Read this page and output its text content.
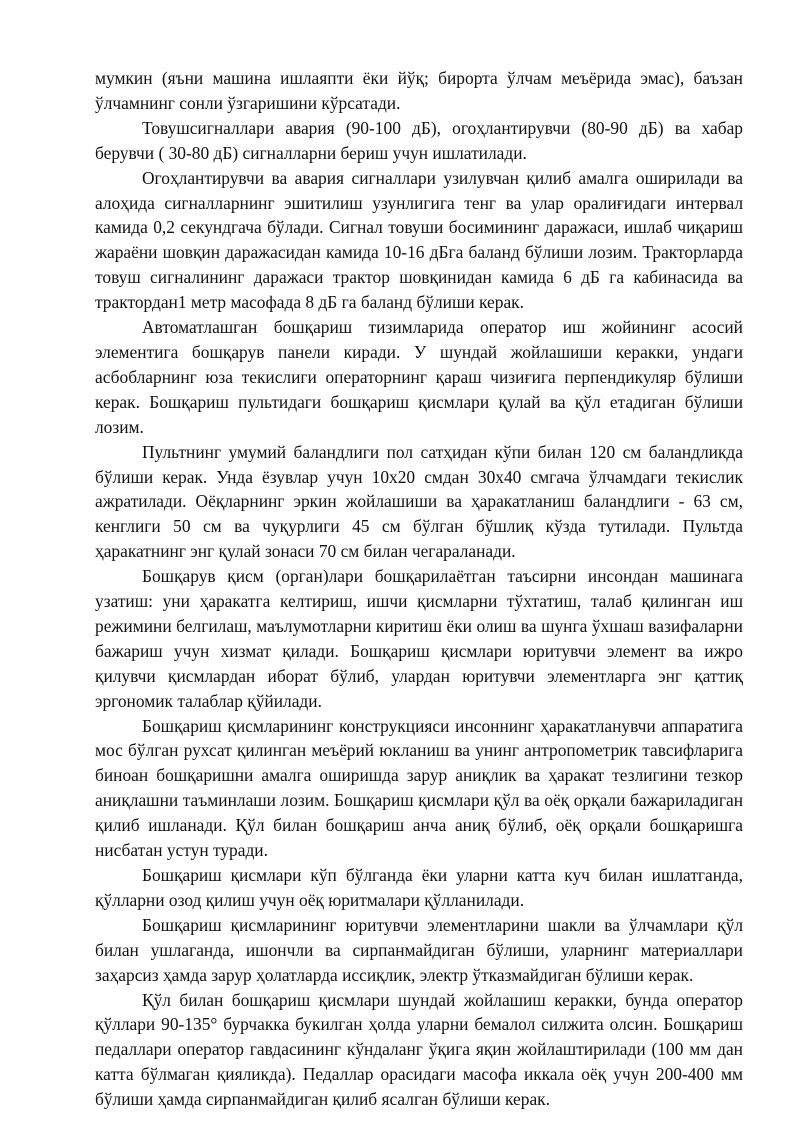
мумкин (яъни машина ишлаяпти ёки йўқ; бирорта ўлчам меъёрида эмас), баъзан ўлчамнинг сонли ўзгаришини кўрсатади.

Товушсигналлари авария (90-100 дБ), огоҳлантирувчи (80-90 дБ) ва хабар берувчи ( 30-80 дБ) сигналларни бериш учун ишлатилади.

Огоҳлантирувчи ва авария сигналлари узилувчан қилиб амалга оширилади ва алоҳида сигналларнинг эшитилиш узунлигига тенг ва улар оралиғидаги интервал камида 0,2 секундгача бўлади. Сигнал товуши босимининг даражаси, ишлаб чиқариш жараёни шовқин даражасидан камида 10-16 дБга баланд бўлиши лозим. Тракторларда товуш сигналининг даражаси трактор шовқинидан камида 6 дБ га кабинасида ва трактордан1 метр масофада 8 дБ га баланд бўлиши керак.

Автоматлашган бошқариш тизимларида оператор иш жойининг асосий элементига бошқарув панели киради. У шундай жойлашиши керакки, ундаги асбобларнинг юза текислиги операторнинг қараш чизиғига перпендикуляр бўлиши керак. Бошқариш пультидаги бошқариш қисмлари қулай ва қўл етадиган бўлиши лозим.

Пультнинг умумий баландлиги пол сатҳидан кўпи билан 120 см баландликда бўлиши керак. Унда ёзувлар учун 10х20 смдан 30х40 смгача ўлчамдаги текислик ажратилади. Оёқларнинг эркин жойлашиши ва ҳаракатланиш баландлиги - 63 см, кенглиги 50 см ва чуқурлиги 45 см бўлган бўшлиқ кўзда тутилади. Пультда ҳаракатнинг энг қулай зонаси 70 см билан чегараланади.

Бошқарув қисм (орган)лари бошқарилаётган таъсирни инсондан машинага узатиш: уни ҳаракатга келтириш, ишчи қисмларни тўхтатиш, талаб қилинган иш режимини белгилаш, маълумотларни киритиш ёки олиш ва шунга ўхшаш вазифаларни бажариш учун хизмат қилади. Бошқариш қисмлари юритувчи элемент ва ижро қилувчи қисмлардан иборат бўлиб, улардан юритувчи элементларга энг қаттиқ эргономик талаблар қўйилади.

Бошқариш қисмларининг конструкцияси инсоннинг ҳаракатланувчи аппаратига мос бўлган рухсат қилинган меъёрий юкланиш ва унинг антропометрик тавсифларига биноан бошқаришни амалга оширишда зарур аниқлик ва ҳаракат тезлигини тезкор аниқлашни таъминлаши лозим. Бошқариш қисмлари қўл ва оёқ орқали бажариладиган қилиб ишланади. Қўл билан бошқариш анча аниқ бўлиб, оёқ орқали бошқаришга нисбатан устун туради.

Бошқариш қисмлари кўп бўлганда ёки уларни катта куч билан ишлатганда, қўлларни озод қилиш учун оёқ юритмалари қўлланилади.

Бошқариш қисмларининг юритувчи элементларини шакли ва ўлчамлари қўл билан ушлаганда, ишончли ва сирпанмайдиган бўлиши, уларнинг материаллари заҳарсиз ҳамда зарур ҳолатларда иссиқлик, электр ўтказмайдиган бўлиши керак.

Қўл билан бошқариш қисмлари шундай жойлашиш керакки, бунда оператор қўллари 90-135° бурчакка букилган ҳолда уларни бемалол силжита олсин. Бошқариш педаллари оператор гавдасининг кўндаланг ўқига яқин жойлаштирилади (100 мм дан катта бўлмаган қияликда). Педаллар орасидаги масофа иккала оёқ учун 200-400 мм бўлиши ҳамда сирпанмайдиган қилиб ясалган бўлиши керак.
